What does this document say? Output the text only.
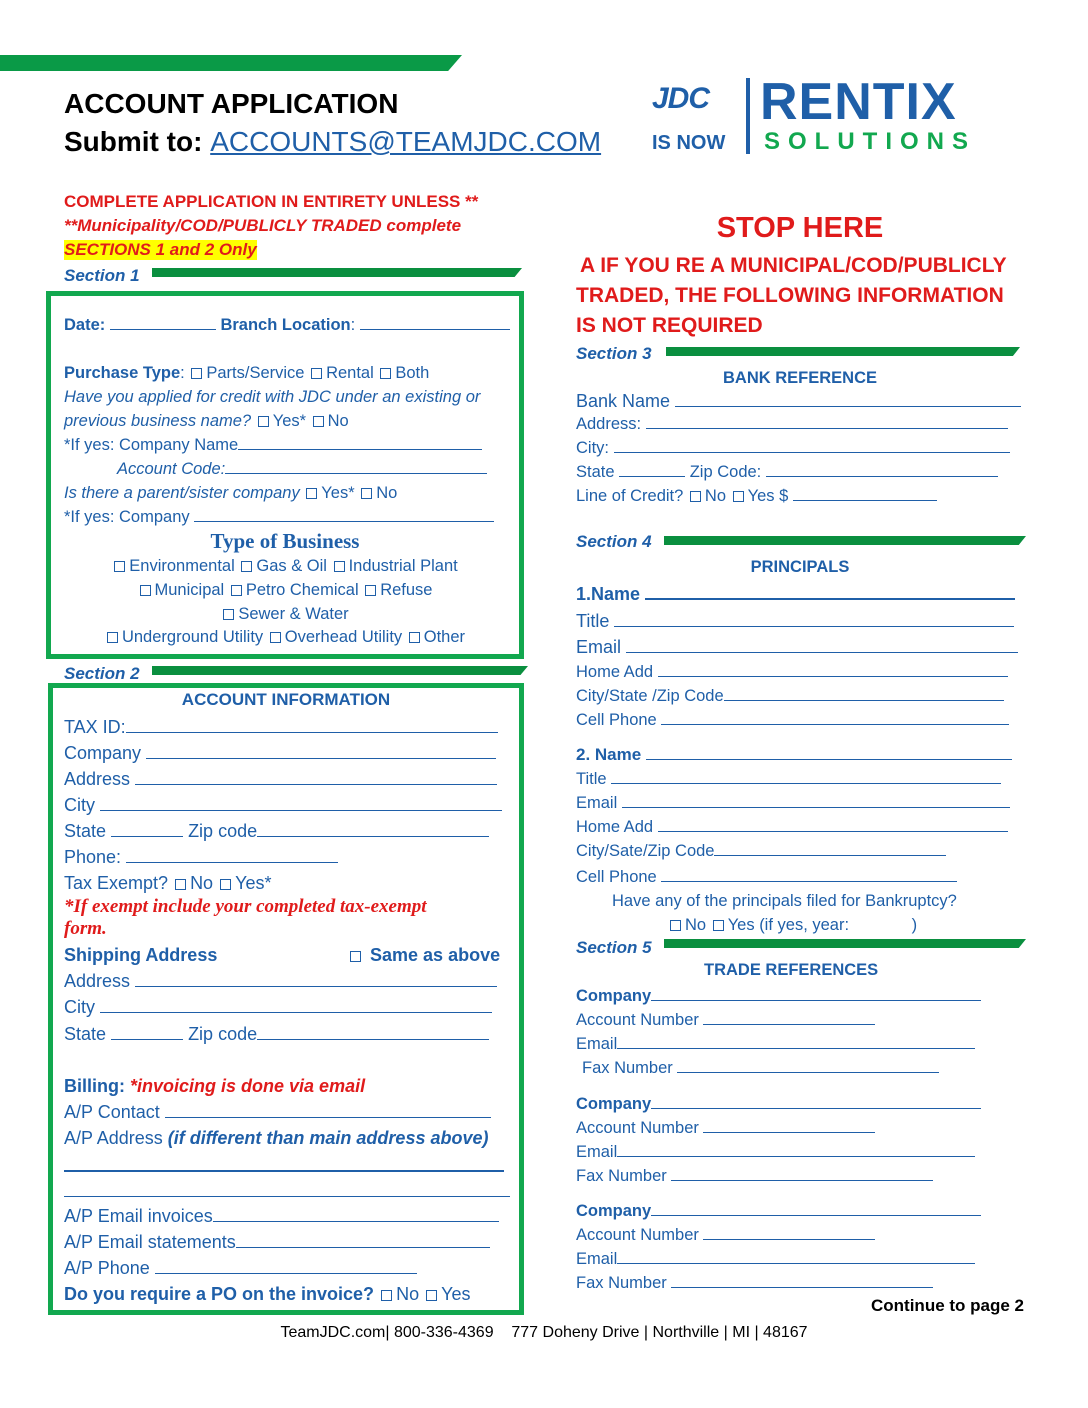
ACCOUNT APPLICATION
Submit to: ACCOUNTS@TEAMJDC.COM
JDC
IS NOW
RENTIX
SOLUTIONS
COMPLETE APPLICATION IN ENTIRETY UNLESS **
**Municipality/COD/PUBLICLY TRADED complete
SECTIONS 1 and 2 Only
STOP HERE
A IF YOU RE A MUNICIPAL/COD/PUBLICLY
TRADED, THE FOLLOWING INFORMATION
IS NOT REQUIRED
Section 1
Date:	Branch Location:
Purchase Type: Parts/Service Rental Both
Have you applied for credit with JDC under an existing or
previous business name? Yes* No
*If yes: Company Name
Account Code:
Is there a parent/sister company Yes* No
*If yes: Company
Type of Business
Environmental Gas & Oil Industrial Plant
Municipal Petro Chemical Refuse
Sewer & Water
Underground Utility Overhead Utility Other
Section 2
ACCOUNT INFORMATION
TAX ID:
Company
Address
City
State	Zip code
Phone:
Tax Exempt? No Yes*
*If exempt include your completed tax-exempt
form.
Shipping Address	Same as above
Address
City
State	Zip code
Billing: *invoicing is done via email
A/P Contact
A/P Address (if different than main address above)
A/P Email invoices
A/P Email statements
A/P Phone
Do you require a PO on the invoice? No Yes
Section 3
BANK REFERENCE
Bank Name
Address:
City:
State	Zip Code:
Line of Credit? No Yes $
Section 4
PRINCIPALS
1.Name
Title
Email
Home Add
City/State /Zip Code
Cell Phone
2. Name
Title
Email
Home Add
City/Sate/Zip Code
Cell Phone
Have any of the principals filed for Bankruptcy?
No Yes (if yes, year:	)
Section 5
TRADE REFERENCES
Company
Account Number
Email
Fax Number
Company
Account Number
Email
Fax Number
Company
Account Number
Email
Fax Number
Continue to page 2
TeamJDC.com| 800-336-4369    777 Doheny Drive | Northville | MI | 48167
